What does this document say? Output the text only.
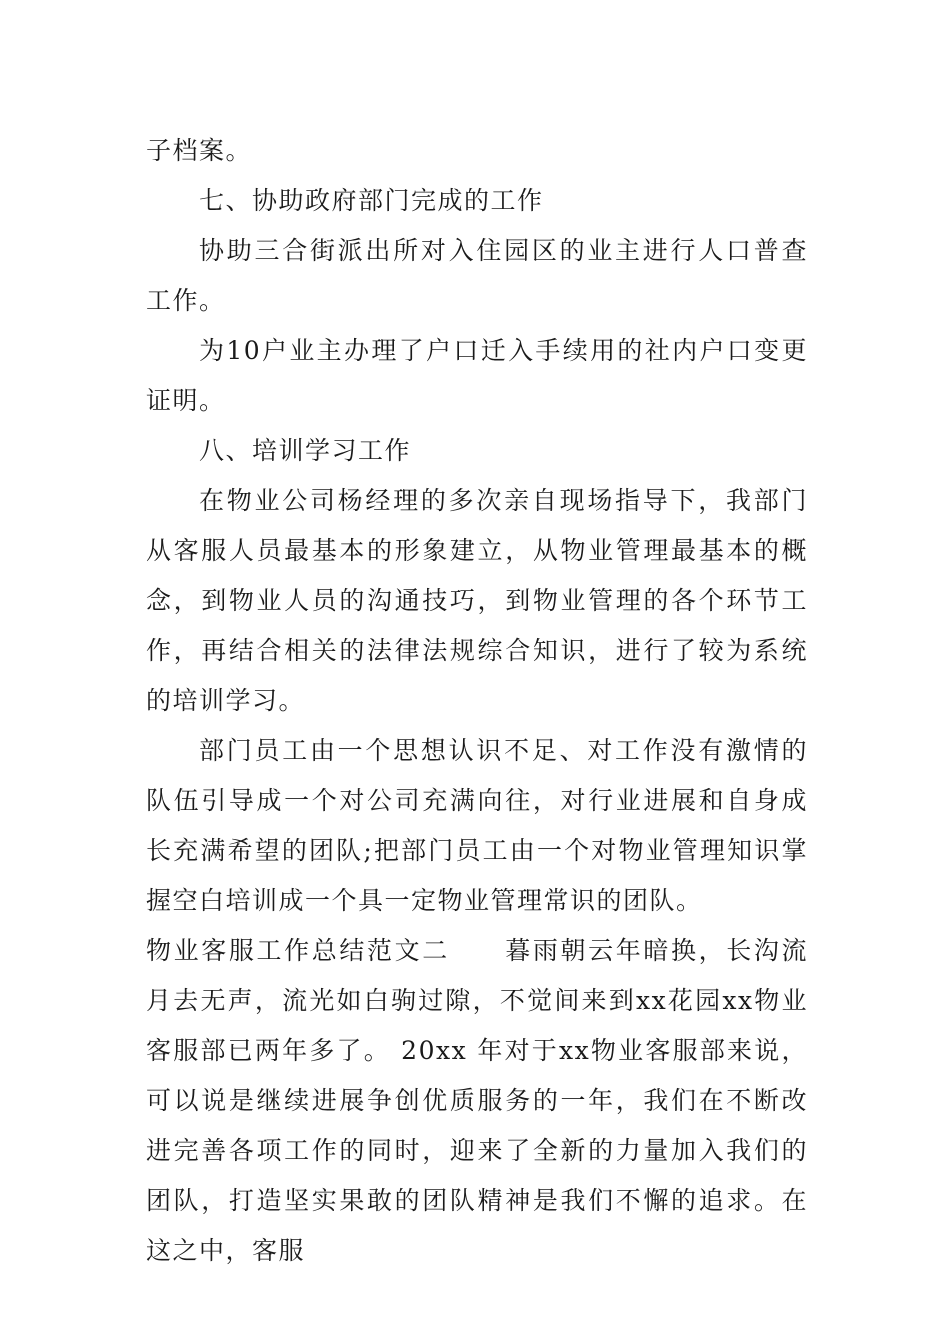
子档案。

七、协助政府部门完成的工作

协助三合街派出所对入住园区的业主进行人口普查工作。

为10户业主办理了户口迁入手续用的社内户口变更证明。

八、培训学习工作

在物业公司杨经理的多次亲自现场指导下，我部门从客服人员最基本的形象建立，从物业管理最基本的概念，到物业人员的沟通技巧，到物业管理的各个环节工作，再结合相关的法律法规综合知识，进行了较为系统的培训学习。

部门员工由一个思想认识不足、对工作没有激情的队伍引导成一个对公司充满向往，对行业进展和自身成长充满希望的团队;把部门员工由一个对物业管理知识掌握空白培训成一个具一定物业管理常识的团队。

物业客服工作总结范文二　　暮雨朝云年暗换，长沟流月去无声，流光如白驹过隙，不觉间来到xx花园xx物业客服部已两年多了。 20xx 年对于xx物业客服部来说，可以说是继续进展争创优质服务的一年，我们在不断改进完善各项工作的同时，迎来了全新的力量加入我们的团队，打造坚实果敢的团队精神是我们不懈的追求。在这之中，客服
